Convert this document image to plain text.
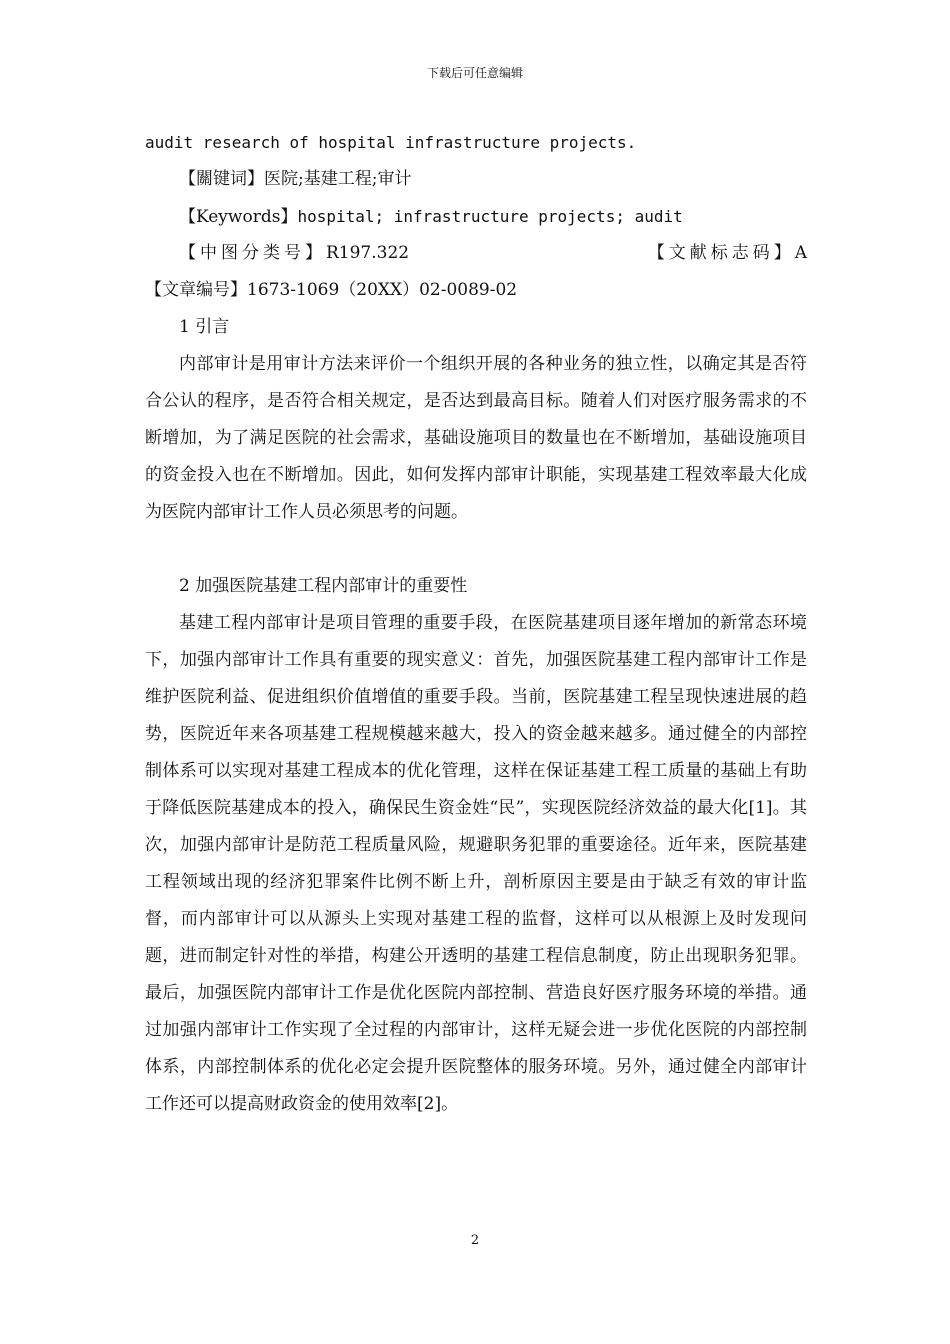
下载后可任意编辑
audit research of hospital infrastructure projects.
【關键词】医院;基建工程;审计
【Keywords】hospital; infrastructure projects; audit
【中图分类号】R197.322	【文献标志码】A
【文章编号】1673-1069（20XX）02-0089-02
1 引言

内部审计是用审计方法来评价一个组织开展的各种业务的独立性，以确定其是否符合公认的程序，是否符合相关规定，是否达到最高目标。随着人们对医疗服务需求的不断增加，为了满足医院的社会需求，基础设施项目的数量也在不断增加，基础设施项目的资金投入也在不断增加。因此，如何发挥内部审计职能，实现基建工程效率最大化成为医院内部审计工作人员必须思考的问题。

2 加强医院基建工程内部审计的重要性

基建工程内部审计是项目管理的重要手段，在医院基建项目逐年增加的新常态环境下，加强内部审计工作具有重要的现实意义：首先，加强医院基建工程内部审计工作是维护医院利益、促进组织价值增值的重要手段。当前，医院基建工程呈现快速进展的趋势，医院近年来各项基建工程规模越来越大，投入的资金越来越多。通过健全的内部控制体系可以实现对基建工程成本的优化管理，这样在保证基建工程工质量的基础上有助于降低医院基建成本的投入，确保民生资金姓“民”，实现医院经济效益的最大化[1]。其次，加强内部审计是防范工程质量风险，规避职务犯罪的重要途径。近年来，医院基建工程领域出现的经济犯罪案件比例不断上升，剖析原因主要是由于缺乏有效的审计监督，而内部审计可以从源头上实现对基建工程的监督，这样可以从根源上及时发现问题，进而制定针对性的举措，构建公开透明的基建工程信息制度，防止出现职务犯罪。最后，加强医院内部审计工作是优化医院内部控制、营造良好医疗服务环境的举措。通过加强内部审计工作实现了全过程的内部审计，这样无疑会进一步优化医院的内部控制体系，内部控制体系的优化必定会提升医院整体的服务环境。另外，通过健全内部审计工作还可以提高财政资金的使用效率[2]。

2
